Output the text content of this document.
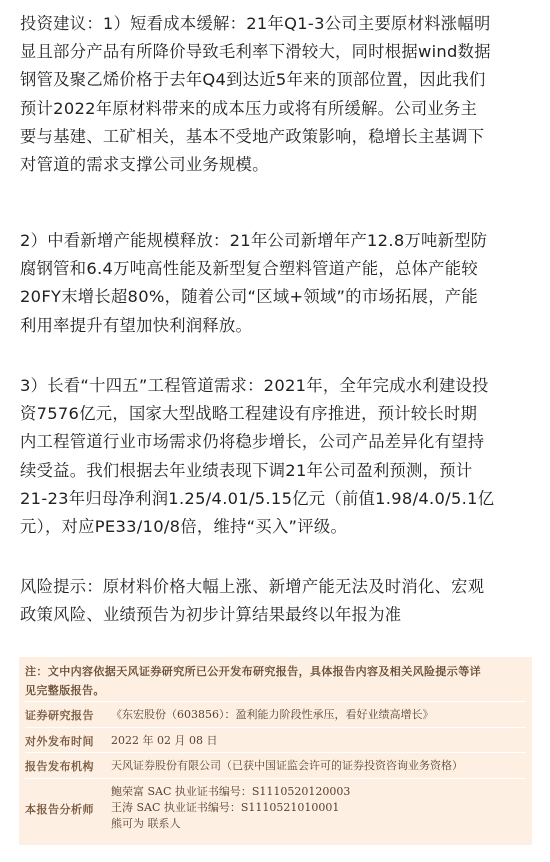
投资建议：1）短看成本缓解：21年Q1-3公司主要原材料涨幅明
显且部分产品有所降价导致毛利率下滑较大，同时根据wind数据
钢管及聚乙烯价格于去年Q4到达近5年来的顶部位置，因此我们
预计2022年原材料带来的成本压力或将有所缓解。公司业务主
要与基建、工矿相关，基本不受地产政策影响，稳增长主基调下
对管道的需求支撑公司业务规模。

2）中看新增产能规模释放：21年公司新增年产12.8万吨新型防
腐钢管和6.4万吨高性能及新型复合塑料管道产能，总体产能较
20FY末增长超80%，随着公司“区域+领域”的市场拓展，产能
利用率提升有望加快利润释放。

3）长看“十四五”工程管道需求：2021年，全年完成水利建设投
资7576亿元，国家大型战略工程建设有序推进，预计较长时期
内工程管道行业市场需求仍将稳步增长，公司产品差异化有望持
续受益。我们根据去年业绩表现下调21年公司盈利预测，预计
21-23年归母净利润1.25/4.01/5.15亿元（前值1.98/4.0/5.1亿
元），对应PE33/10/8倍，维持“买入”评级。

风险提示：原材料价格大幅上涨、新增产能无法及时消化、宏观
政策风险、业绩预告为初步计算结果最终以年报为准

注：文中内容依据天风证券研究所已公开发布研究报告，具体报告内容及相关风险提示等详
见完整版报告。
证券研究报告	《东宏股份（603856）：盈利能力阶段性承压，看好业绩高增长》
对外发布时间	2022 年 02 月 08 日
报告发布机构	天风证券股份有限公司（已获中国证监会许可的证券投资咨询业务资格）
本报告分析师
鲍荣富 SAC 执业证书编号：S1110520120003
王涛 SAC 执业证书编号：S1110521010001
熊可为 联系人
